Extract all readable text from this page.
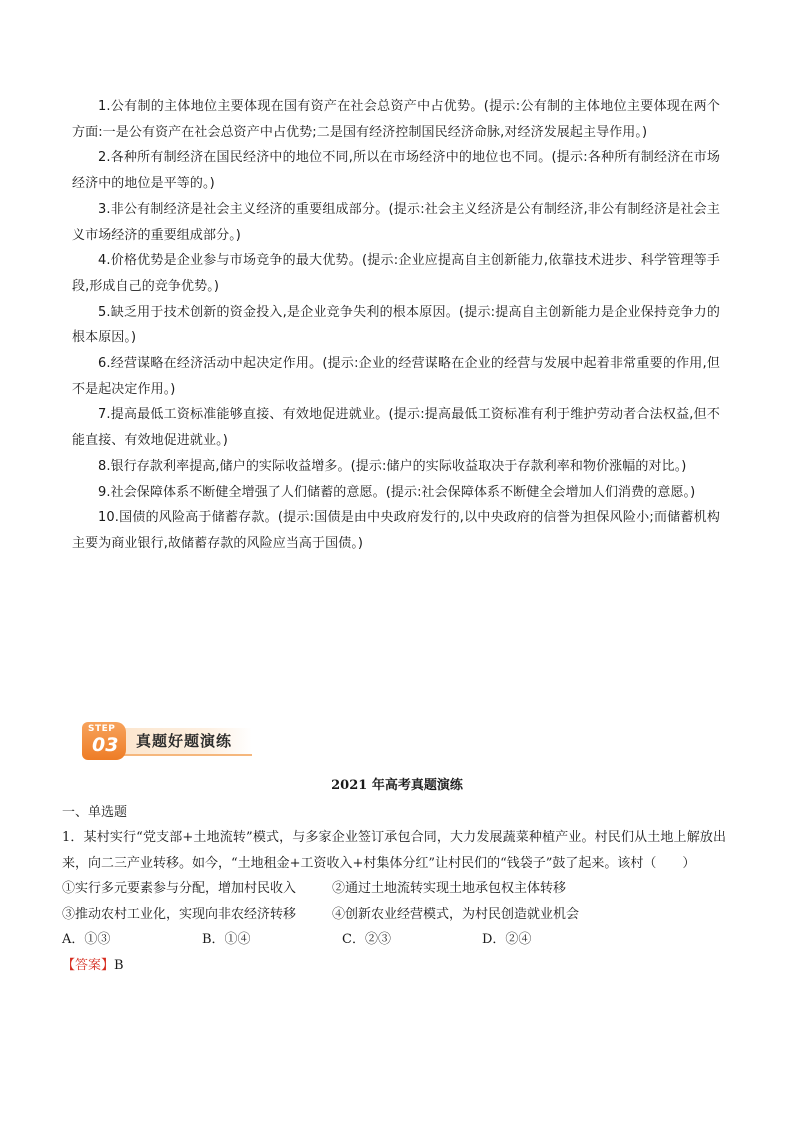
1.公有制的主体地位主要体现在国有资产在社会总资产中占优势。(提示:公有制的主体地位主要体现在两个方面:一是公有资产在社会总资产中占优势;二是国有经济控制国民经济命脉,对经济发展起主导作用。)

2.各种所有制经济在国民经济中的地位不同,所以在市场经济中的地位也不同。(提示:各种所有制经济在市场经济中的地位是平等的。)

3.非公有制经济是社会主义经济的重要组成部分。(提示:社会主义经济是公有制经济,非公有制经济是社会主义市场经济的重要组成部分。)

4.价格优势是企业参与市场竞争的最大优势。(提示:企业应提高自主创新能力,依靠技术进步、科学管理等手段,形成自己的竞争优势。)

5.缺乏用于技术创新的资金投入,是企业竞争失利的根本原因。(提示:提高自主创新能力是企业保持竞争力的根本原因。)

6.经营谋略在经济活动中起决定作用。(提示:企业的经营谋略在企业的经营与发展中起着非常重要的作用,但不是起决定作用。)

7.提高最低工资标准能够直接、有效地促进就业。(提示:提高最低工资标准有利于维护劳动者合法权益,但不能直接、有效地促进就业。)

8.银行存款利率提高,储户的实际收益增多。(提示:储户的实际收益取决于存款利率和物价涨幅的对比。)

9.社会保障体系不断健全增强了人们储蓄的意愿。(提示:社会保障体系不断健全会增加人们消费的意愿。)

10.国债的风险高于储蓄存款。(提示:国债是由中央政府发行的,以中央政府的信誉为担保风险小;而储蓄机构主要为商业银行,故储蓄存款的风险应当高于国债。)

STEP
03 真题好题演练
2021 年高考真题演练

一、单选题

1．某村实行“党支部+土地流转”模式，与多家企业签订承包合同，大力发展蔬菜种植产业。村民们从土地上解放出来，向二三产业转移。如今，“土地租金+工资收入+村集体分红”让村民们的“钱袋子”鼓了起来。该村（　　）

①实行多元要素参与分配，增加村民收入	②通过土地流转实现土地承包权主体转移
③推动农村工业化，实现向非农经济转移	④创新农业经营模式，为村民创造就业机会
A．①③	B．①④	C．②③	D．②④

【答案】B
